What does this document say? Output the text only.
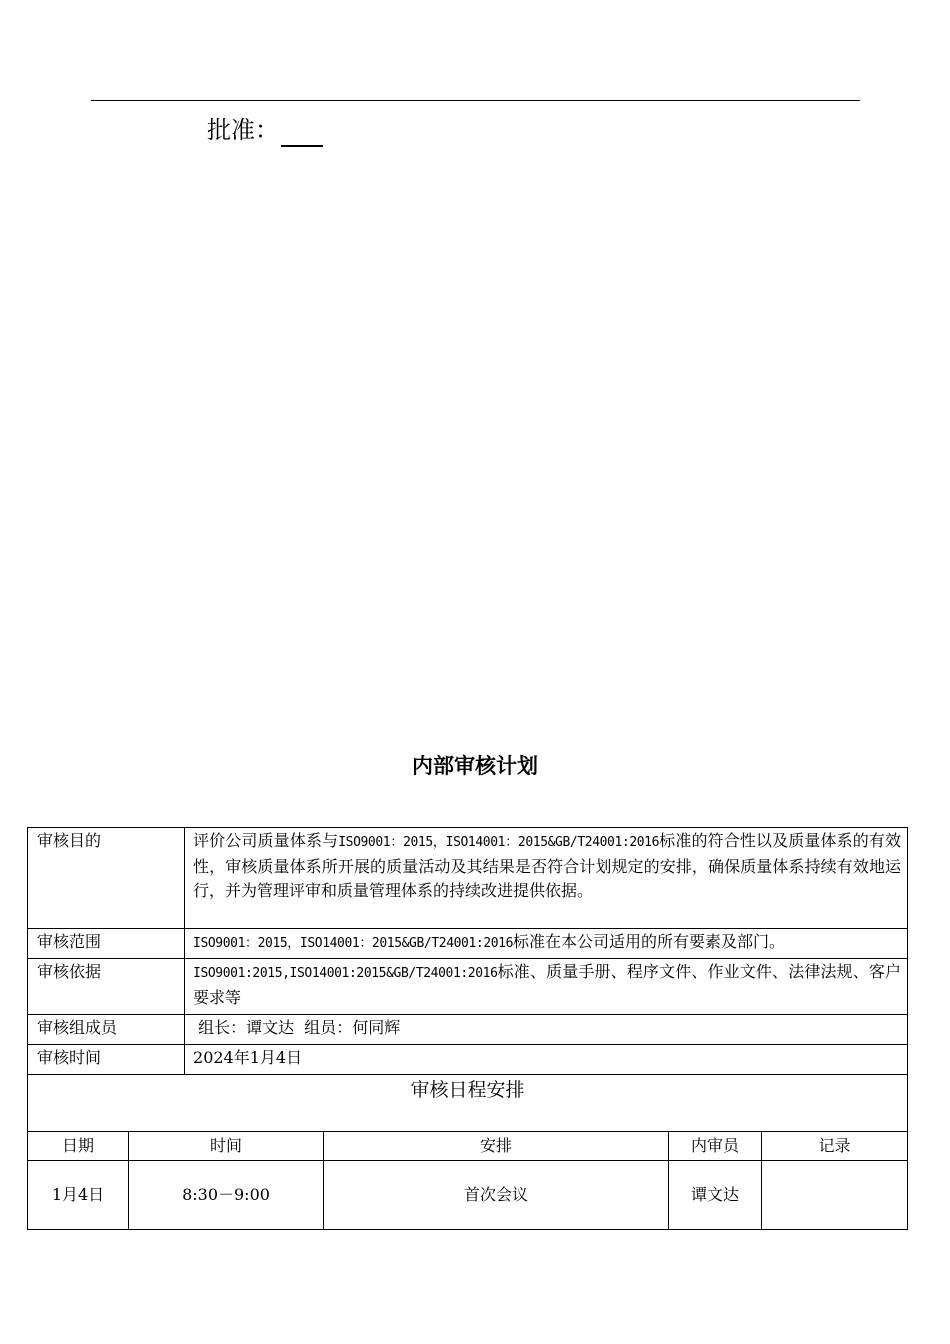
批准：
内部审核计划
审核目的		评价公司质量体系与ISO9001：2015，ISO14001：2015&GB/T24001:2016标准的符合性以及质量体系的有效性，审核质量体系所开展的质量活动及其结果是否符合计划规定的安排，确保质量体系持续有效地运行，并为管理评审和质量管理体系的持续改进提供依据。			
审核范围		ISO9001：2015，ISO14001：2015&GB/T24001:2016标准在本公司适用的所有要素及部门。			
审核依据		ISO9001:2015,ISO14001:2015&GB/T24001:2016标准、质量手册、程序文件、作业文件、法律法规、客户要求等			
审核组成员		组长：谭文达  组员：何同辉			
审核时间		2024年1月4日			
审核日程安排					
日期	时间		安排	内审员	记录
1月4日	8:30－9:00		首次会议	谭文达	
